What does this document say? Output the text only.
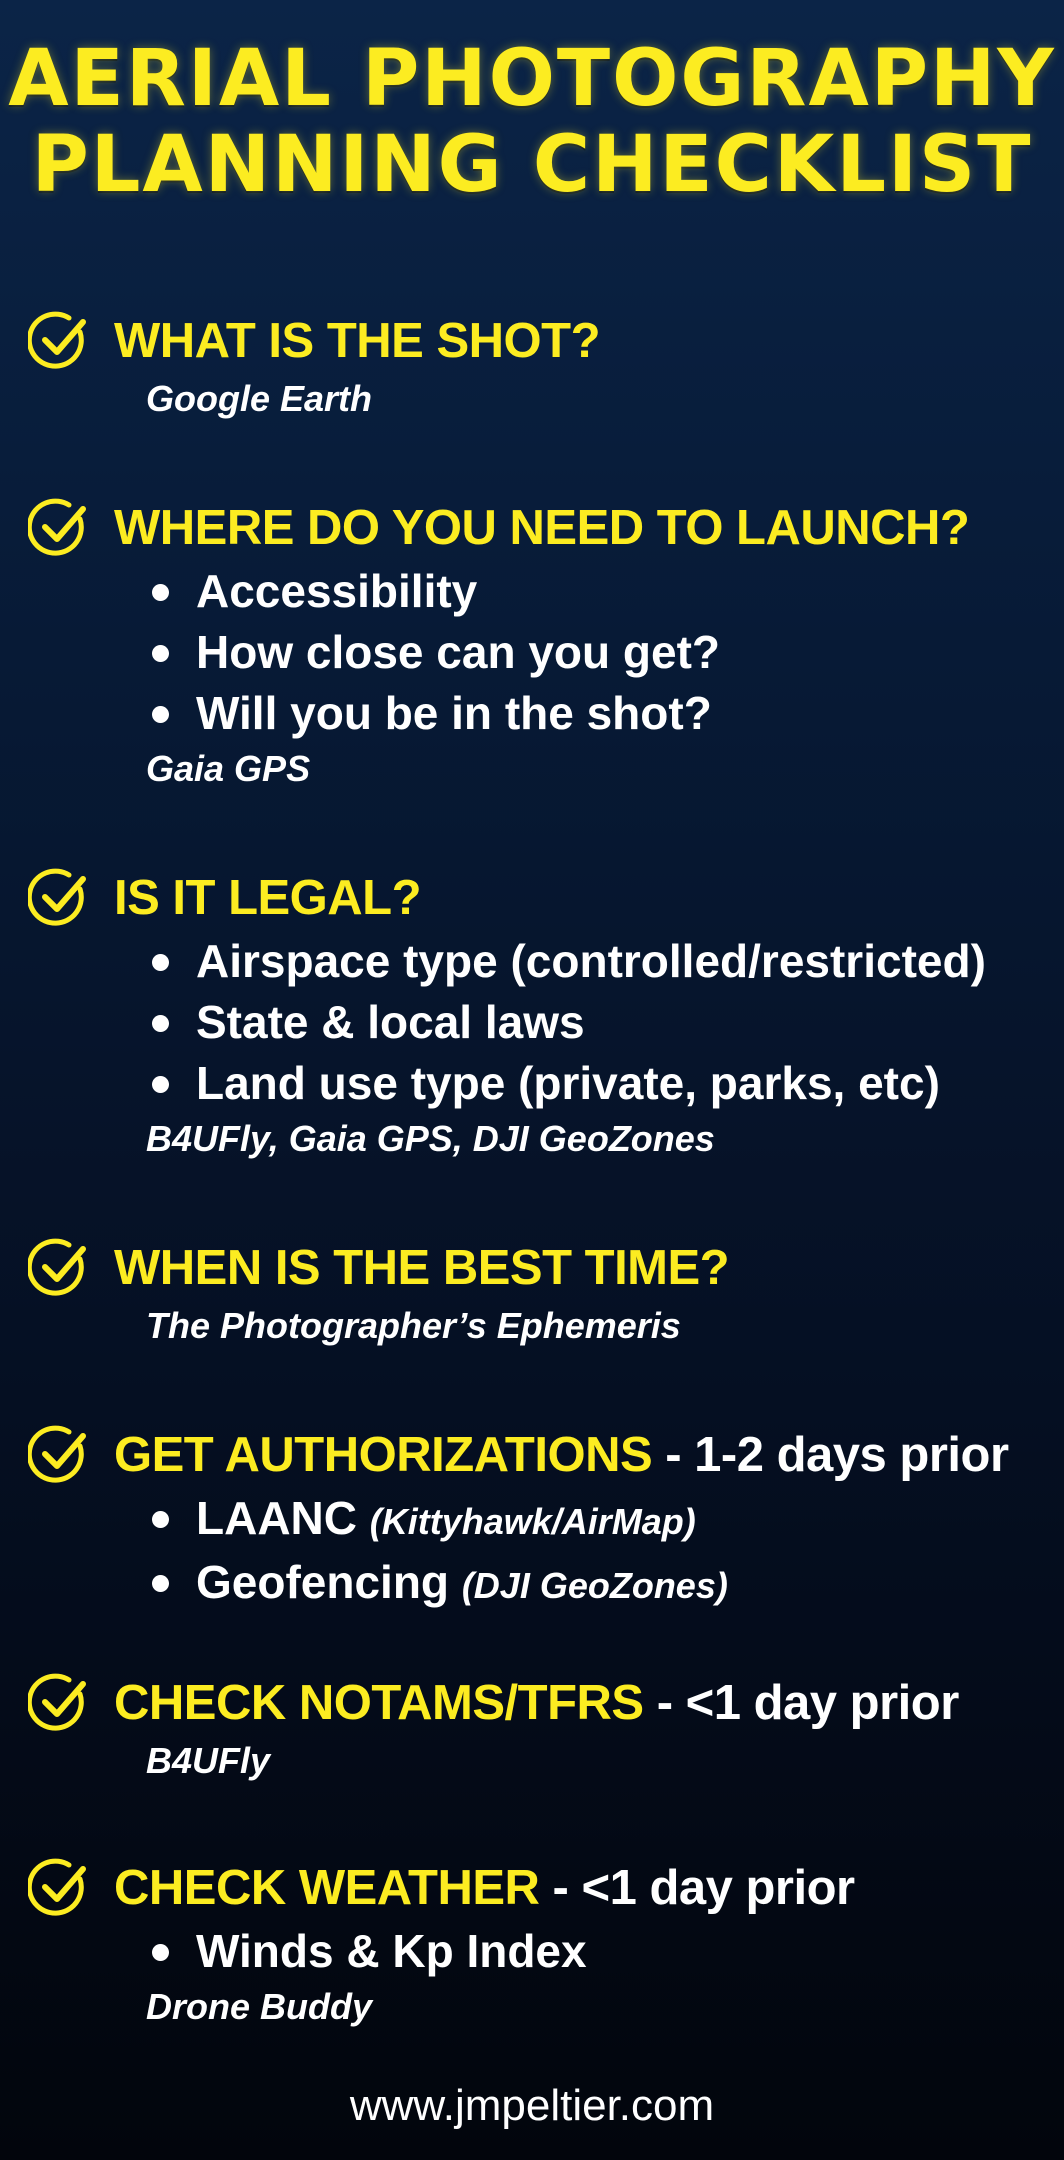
AERIAL PHOTOGRAPHY
PLANNING CHECKLIST
WHAT IS THE SHOT?
Google Earth
WHERE DO YOU NEED TO LAUNCH?
Accessibility
How close can you get?
Will you be in the shot?
Gaia GPS
IS IT LEGAL?
Airspace type (controlled/restricted)
State & local laws
Land use type (private, parks, etc)
B4UFly, Gaia GPS, DJI GeoZones
WHEN IS THE BEST TIME?
The Photographer’s Ephemeris
GET AUTHORIZATIONS - 1-2 days prior
LAANC (Kittyhawk/AirMap)
Geofencing (DJI GeoZones)
CHECK NOTAMS/TFRS - <1 day prior
B4UFly
CHECK WEATHER - <1 day prior
Winds & Kp Index
Drone Buddy
www.jmpeltier.com
